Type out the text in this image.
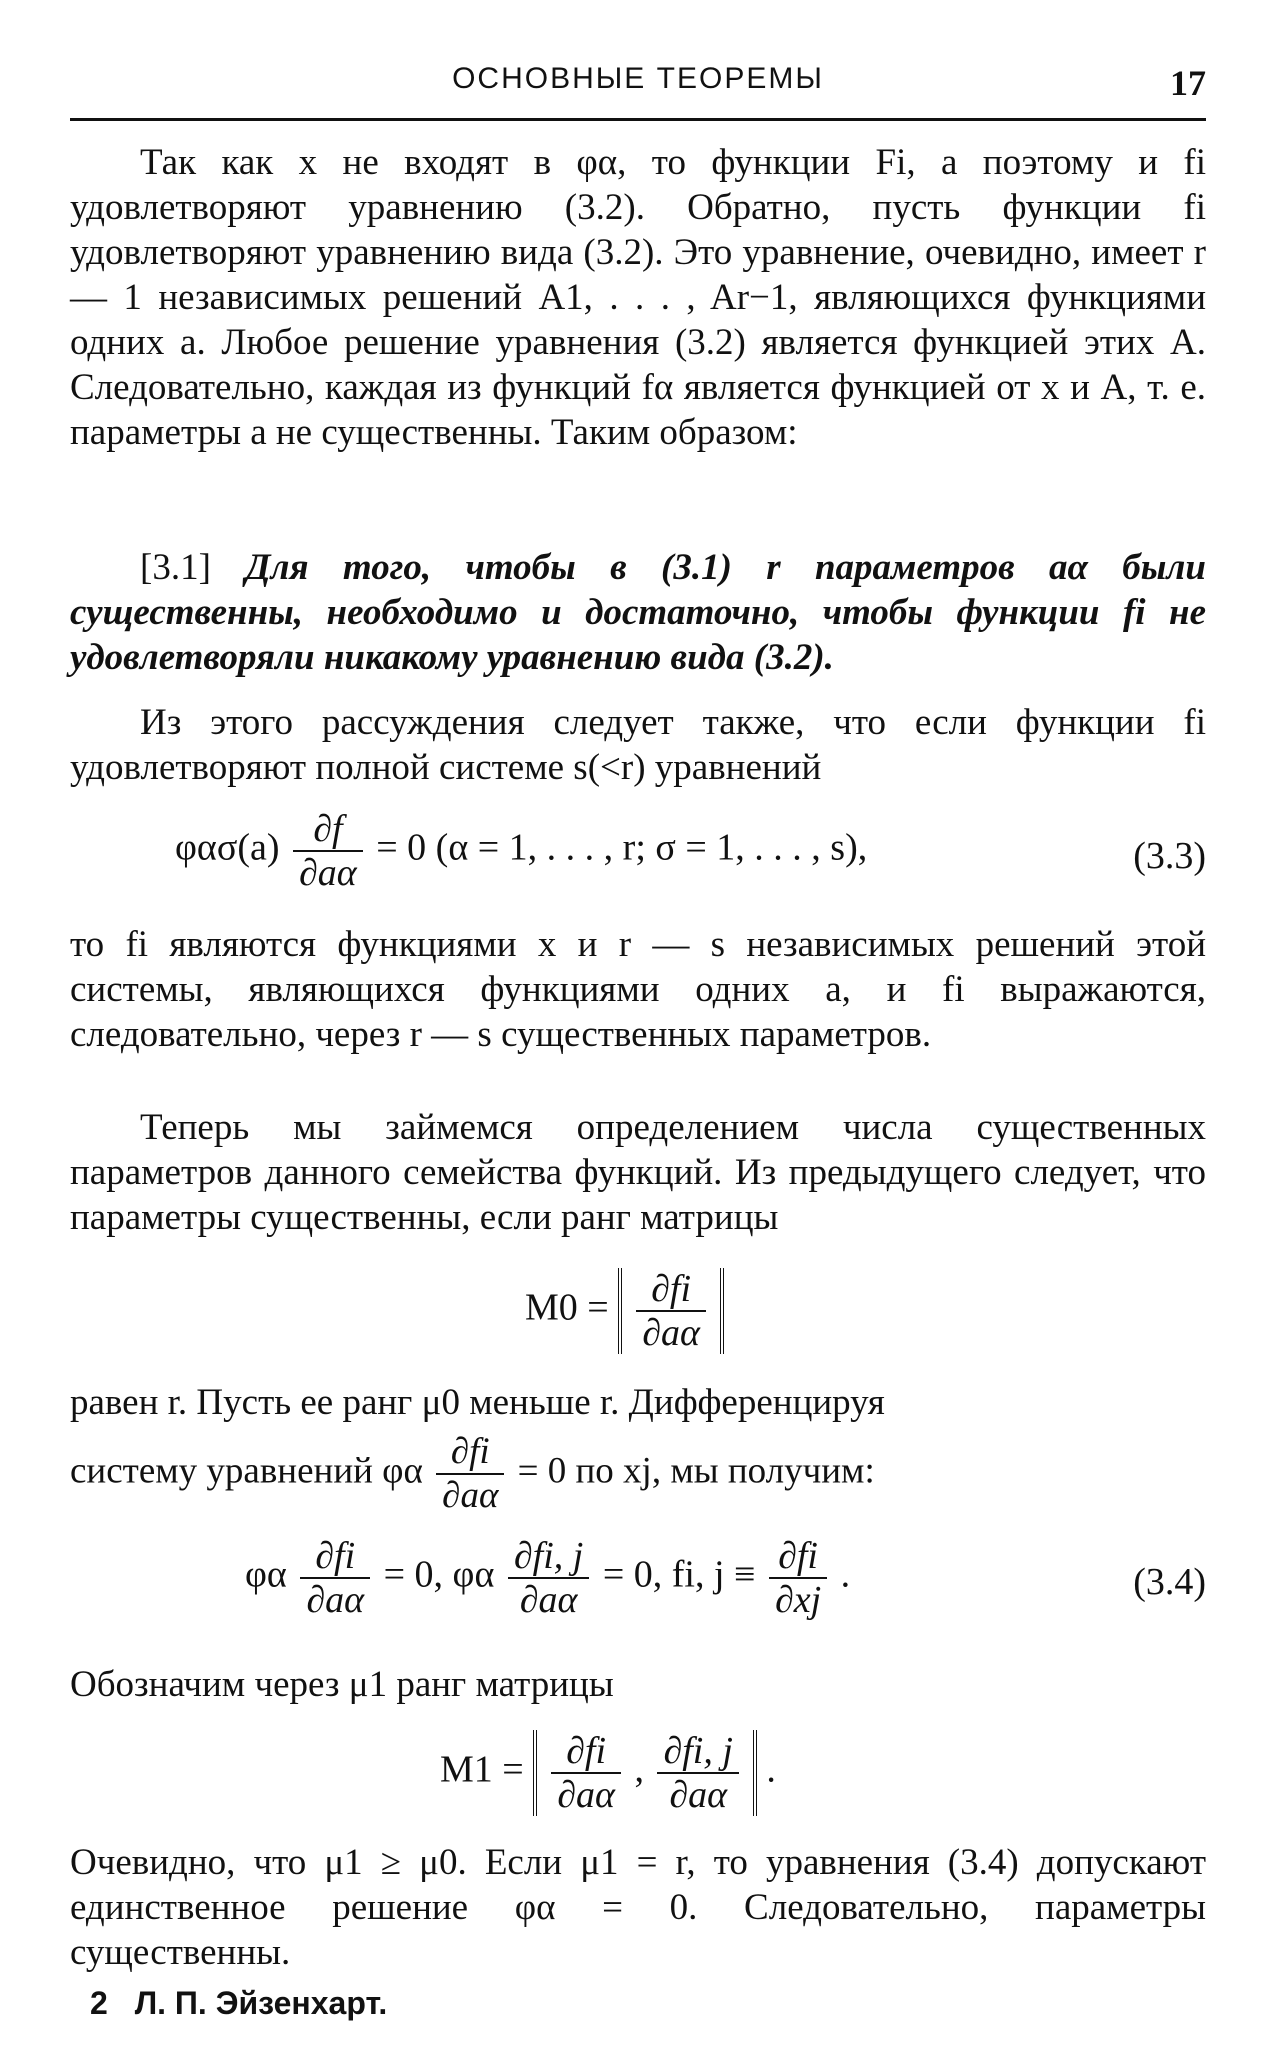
ОСНОВНЫЕ ТЕОРЕМЫ	17

Так как x не входят в φα, то функции Fi, а поэтому и fi удовлетворяют уравнению (3.2). Обратно, пусть функции fi удовлетворяют уравнению вида (3.2). Это уравнение, очевидно, имеет r — 1 независимых решений A1, . . . , Ar−1, являющихся функциями одних a. Любое решение уравнения (3.2) является функцией этих A. Следовательно, каждая из функций fα является функцией от x и A, т. е. параметры a не существенны. Таким образом:

[3.1] Для того, чтобы в (3.1) r параметров aα были существенны, необходимо и достаточно, чтобы функции fi не удовлетворяли никакому уравнению вида (3.2).

Из этого рассуждения следует также, что если функции fi удовлетворяют полной системе s(<r) уравнений

$\varphi\alpha\sigma(a) \frac{\partial f}{\partial a\alpha} = 0$ (α = 1, . . . , r; σ = 1, . . . , s),	(3.3)

то fi являются функциями x и r — s независимых решений этой системы, являющихся функциями одних a, и fi выражаются, следовательно, через r — s существенных параметров.

Теперь мы займемся определением числа существенных параметров данного семейства функций. Из предыдущего следует, что параметры существенны, если ранг матрицы

$M0 = \frac{\partial fi}{\partial a\alpha}$

равен r. Пусть ее ранг μ0 меньше r. Дифференцируя

систему уравнений φα $\frac{\partial fi}{\partial a\alpha} = 0$ по xj, мы получим:

φα $\frac{\partial fi}{\partial a\alpha} = 0$, φα $\frac{\partial fi, j}{\partial a\alpha} = 0$, fi, $j \equiv \frac{\partial fi}{\partial xj}$ .	(3.4)

Обозначим через μ1 ранг матрицы

$M1 = \frac{\partial fi}{\partial a\alpha}$ , $\frac{\partial fi, j}{\partial a\alpha}$ .

Очевидно, что μ1 ≥ μ0. Если μ1 = r, то уравнения (3.4) допускают единственное решение φα = 0. Следовательно, параметры существенны.

2 Л. П. Эйзенхарт.
